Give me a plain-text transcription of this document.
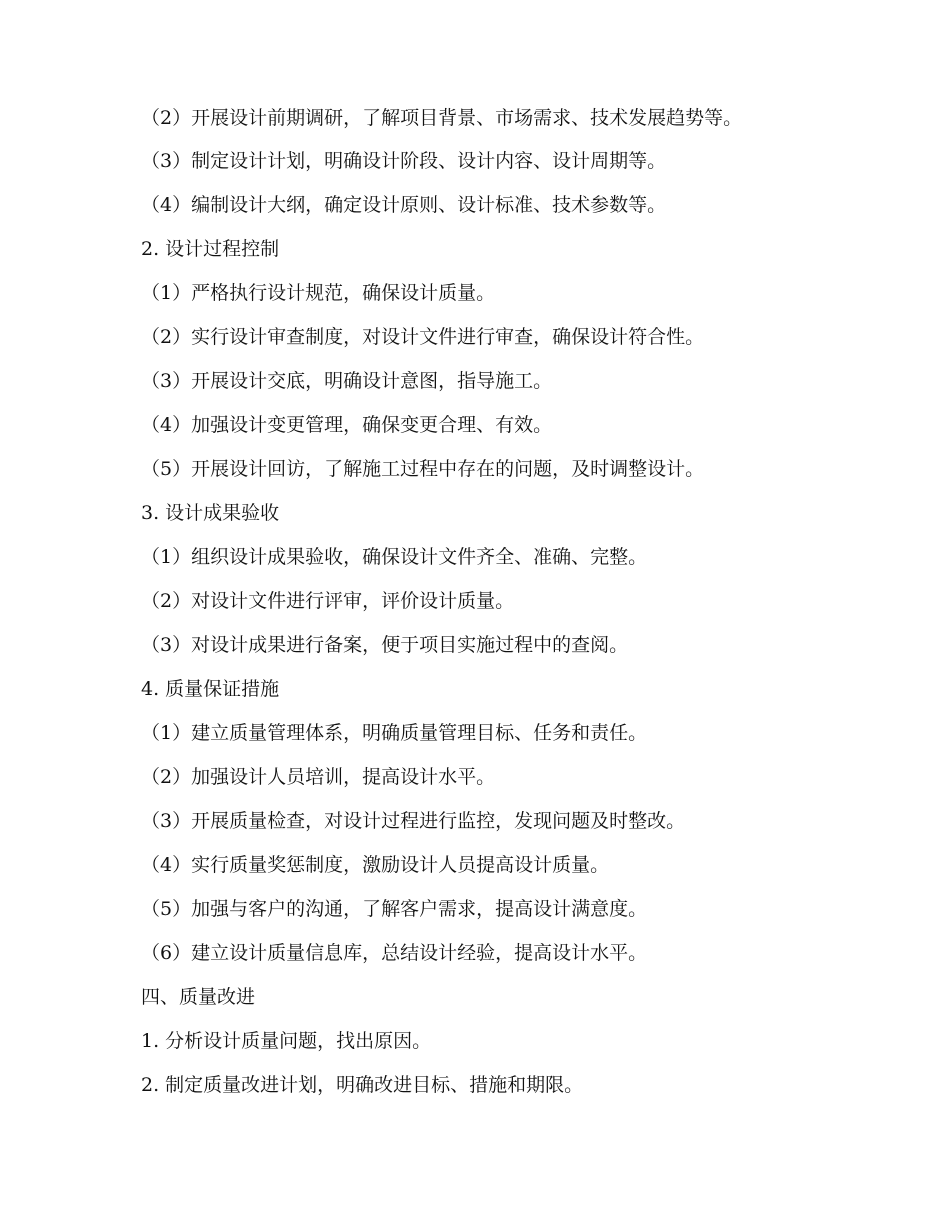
（2）开展设计前期调研，了解项目背景、市场需求、技术发展趋势等。

（3）制定设计计划，明确设计阶段、设计内容、设计周期等。

（4）编制设计大纲，确定设计原则、设计标准、技术参数等。

2. 设计过程控制

（1）严格执行设计规范，确保设计质量。

（2）实行设计审查制度，对设计文件进行审查，确保设计符合性。

（3）开展设计交底，明确设计意图，指导施工。

（4）加强设计变更管理，确保变更合理、有效。

（5）开展设计回访，了解施工过程中存在的问题，及时调整设计。

3. 设计成果验收

（1）组织设计成果验收，确保设计文件齐全、准确、完整。

（2）对设计文件进行评审，评价设计质量。

（3）对设计成果进行备案，便于项目实施过程中的查阅。

4. 质量保证措施

（1）建立质量管理体系，明确质量管理目标、任务和责任。

（2）加强设计人员培训，提高设计水平。

（3）开展质量检查，对设计过程进行监控，发现问题及时整改。

（4）实行质量奖惩制度，激励设计人员提高设计质量。

（5）加强与客户的沟通，了解客户需求，提高设计满意度。

（6）建立设计质量信息库，总结设计经验，提高设计水平。

四、质量改进

1. 分析设计质量问题，找出原因。

2. 制定质量改进计划，明确改进目标、措施和期限。
